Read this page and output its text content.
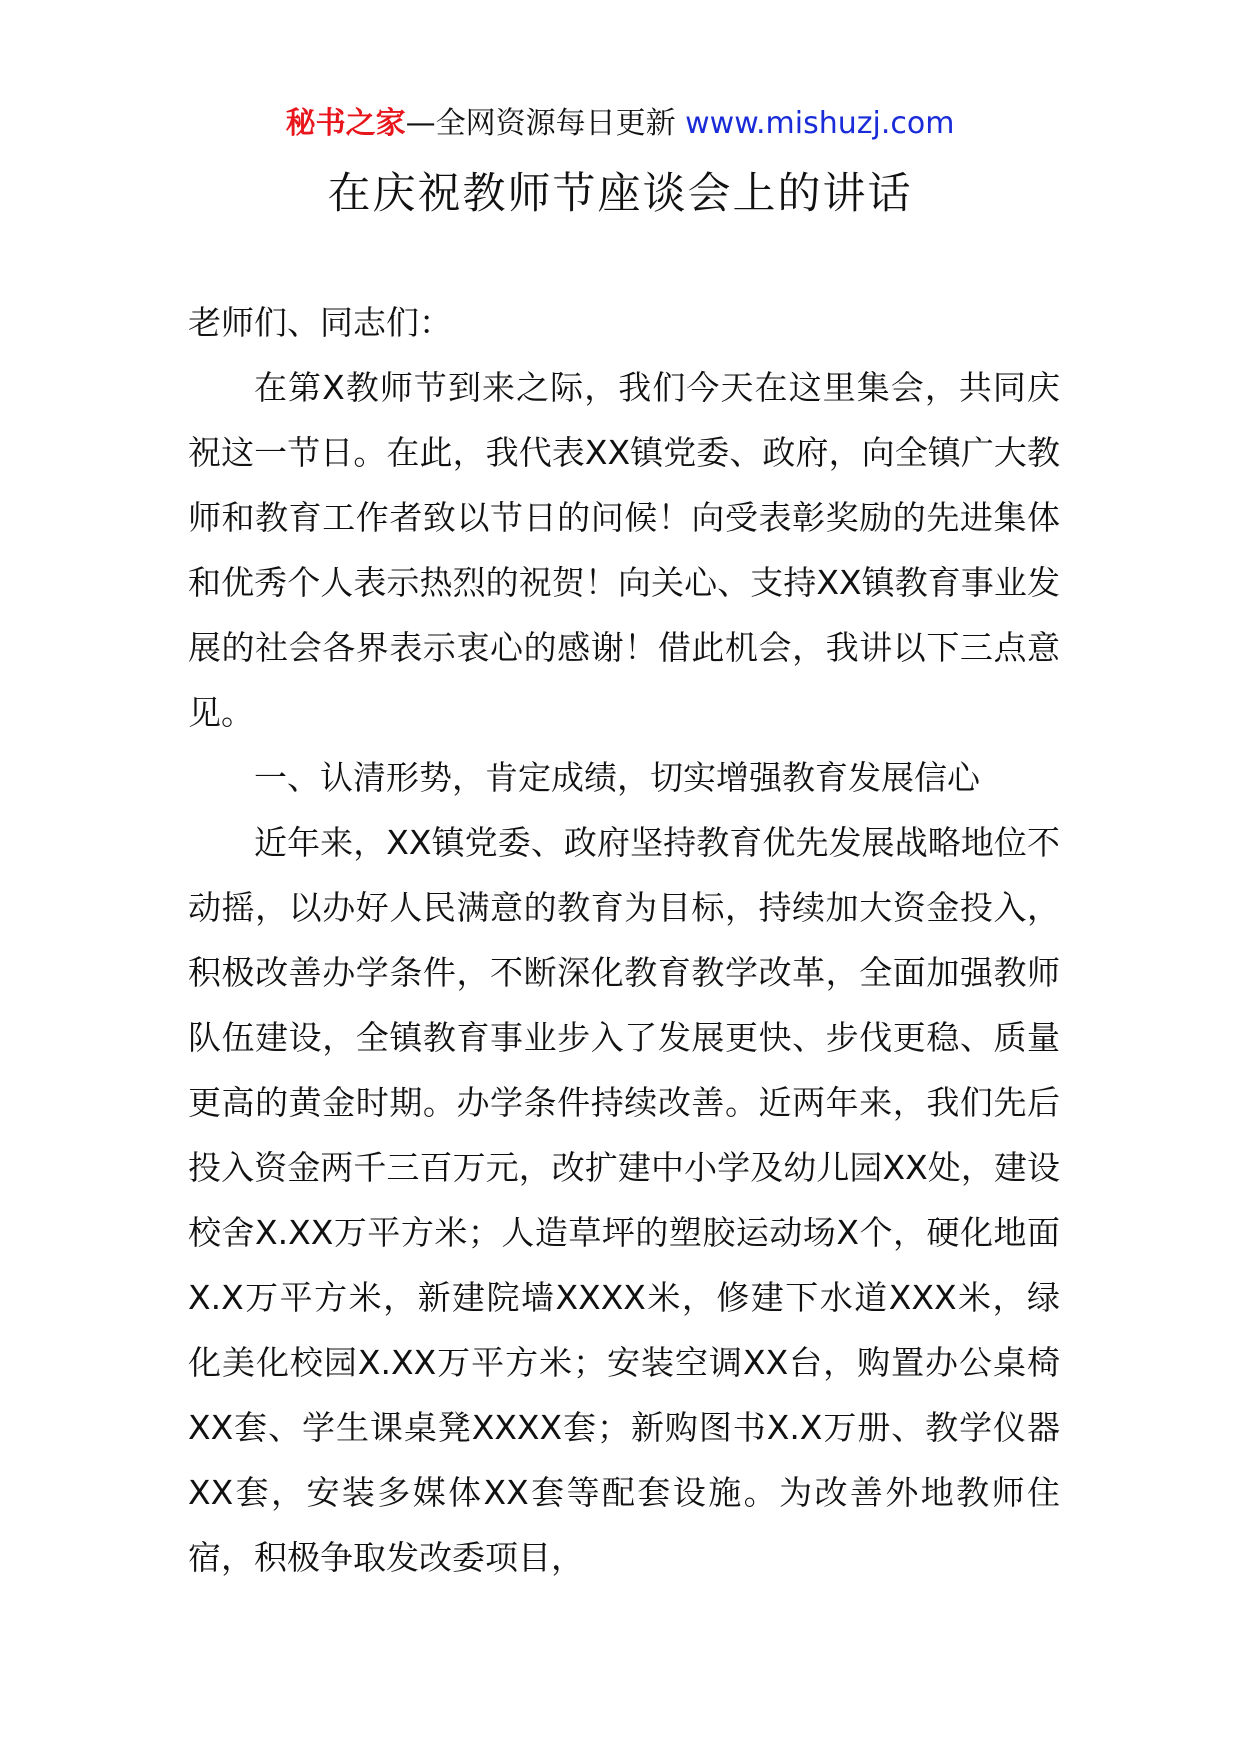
秘书之家—全网资源每日更新 www.mishuzj.com
在庆祝教师节座谈会上的讲话

老师们、同志们：

在第X教师节到来之际，我们今天在这里集会，共同庆祝这一节日。在此，我代表XX镇党委、政府，向全镇广大教师和教育工作者致以节日的问候！向受表彰奖励的先进集体和优秀个人表示热烈的祝贺！向关心、支持XX镇教育事业发展的社会各界表示衷心的感谢！借此机会，我讲以下三点意见。

一、认清形势，肯定成绩，切实增强教育发展信心

近年来，XX镇党委、政府坚持教育优先发展战略地位不动摇，以办好人民满意的教育为目标，持续加大资金投入，积极改善办学条件，不断深化教育教学改革，全面加强教师队伍建设，全镇教育事业步入了发展更快、步伐更稳、质量更高的黄金时期。办学条件持续改善。近两年来，我们先后投入资金两千三百万元，改扩建中小学及幼儿园XX处，建设校舍X.XX万平方米；人造草坪的塑胶运动场X个，硬化地面X.X万平方米，新建院墙XXXX米，修建下水道XXX米，绿化美化校园X.XX万平方米；安装空调XX台，购置办公桌椅XX套、学生课桌凳XXXX套；新购图书X.X万册、教学仪器XX套，安装多媒体XX套等配套设施。为改善外地教师住宿，积极争取发改委项目，
